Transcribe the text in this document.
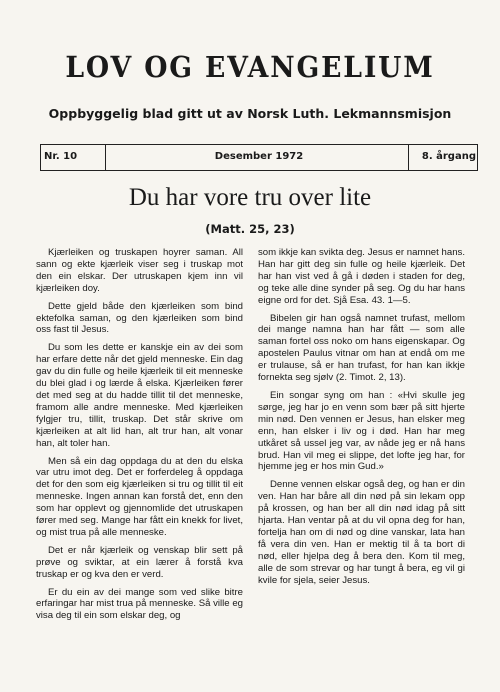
LOV OG EVANGELIUM
Oppbyggelig blad gitt ut av Norsk Luth. Lekmannsmisjon
Nr. 10	Desember 1972	8. årgang
Du har vore tru over lite
(Matt. 25, 23)

Kjærleiken og truskapen hoyrer saman. All sann og ekte kjærleik viser seg i truskap mot den ein elskar. Der utruskapen kjem inn vil kjærleiken doy.

Dette gjeld både den kjærleiken som bind ektefolka saman, og den kjærleiken som bind oss fast til Jesus.

Du som les dette er kanskje ein av dei som har erfare dette når det gjeld menneske. Ein dag gav du din fulle og heile kjærleik til eit menneske du blei glad i og lærde å elska. Kjærleiken fører det med seg at du hadde tillit til det menneske, framom alle andre menneske. Med kjærleiken fylgjer tru, tillit, truskap. Det står skrive om kjærleiken at alt lid han, alt trur han, alt vonar han, alt toler han.

Men så ein dag oppdaga du at den du elska var utru imot deg. Det er forferdeleg å oppdaga det for den som eig kjærleiken si tru og tillit til eit menneske. Ingen annan kan forstå det, enn den som har opplevt og gjennomlide det utruskapen fører med seg. Mange har fått ein knekk for livet, og mist trua på alle menneske.

Det er når kjærleik og venskap blir sett på prøve og sviktar, at ein lærer å forstå kva truskap er og kva den er verd.

Er du ein av dei mange som ved slike bitre erfaringar har mist trua på menneske. Så ville eg visa deg til ein som elskar deg, og

som ikkje kan svikta deg. Jesus er namnet hans. Han har gitt deg sin fulle og heile kjærleik. Det har han vist ved å gå i døden i staden for deg, og teke alle dine synder på seg. Og du har hans eigne ord for det. Sjå Esa. 43. 1—5.

Bibelen gir han også namnet trufast, mellom dei mange namna han har fått — som alle saman fortel oss noko om hans eigenskapar. Og apostelen Paulus vitnar om han at endå om me er trulause, så er han trufast, for han kan ikkje fornekta seg sjølv (2. Timot. 2, 13).

Ein songar syng om han : «Hvi skulle jeg sørge, jeg har jo en venn som bær på sitt hjerte min nød. Den vennen er Jesus, han elsker meg enn, han elsker i liv og i død. Han har meg utkåret så ussel jeg var, av nåde jeg er nå hans brud. Han vil meg ei slippe, det lofte jeg har, for hjemme jeg er hos min Gud.»

Denne vennen elskar også deg, og han er din ven. Han har båre all din nød på sin lekam opp på krossen, og han ber all din nød idag på sitt hjarta. Han ventar på at du vil opna deg for han, fortelja han om di nød og dine vanskar, lata han få vera din ven. Han er mektig til å ta bort di nød, eller hjelpa deg å bera den. Kom til meg, alle de som strevar og har tungt å bera, eg vil gi kvile for sjela, seier Jesus.
